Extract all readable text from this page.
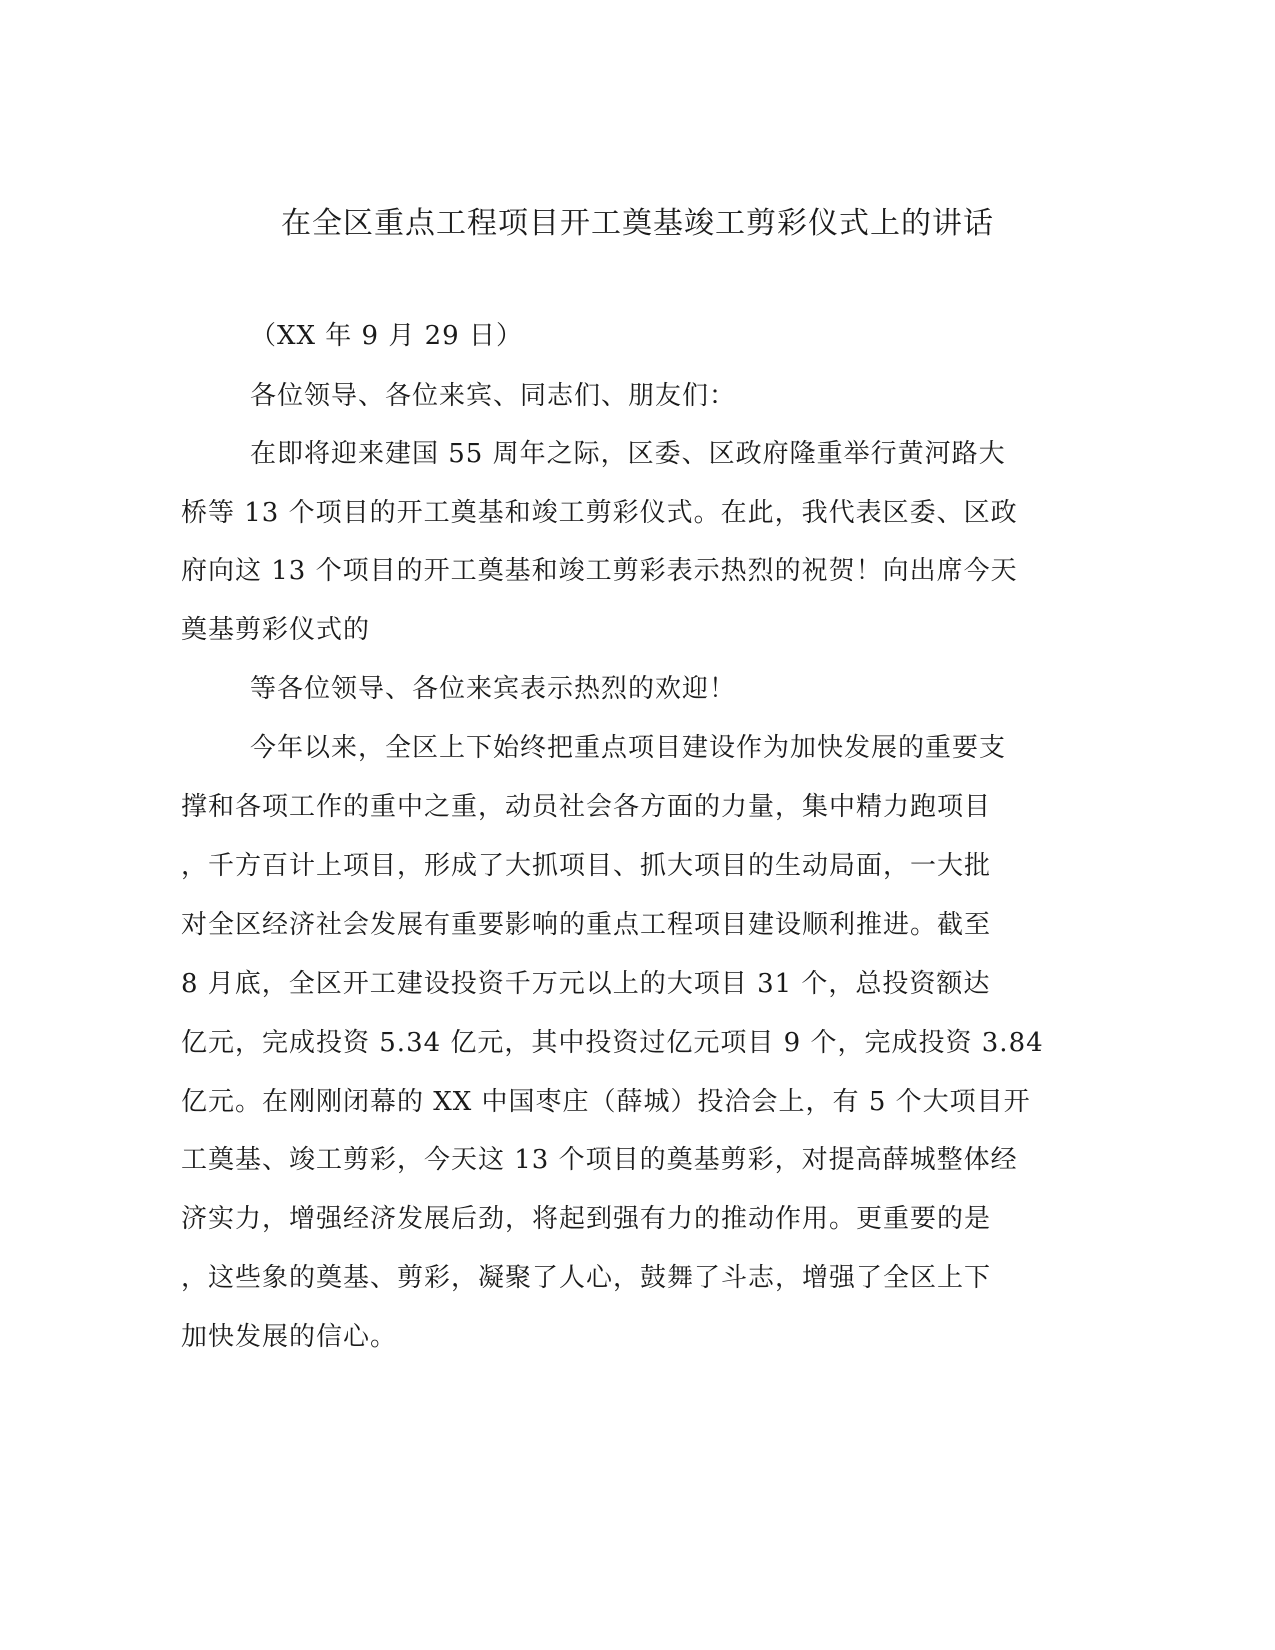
在全区重点工程项目开工奠基竣工剪彩仪式上的讲话
（XX 年 9 月 29 日）
各位领导、各位来宾、同志们、朋友们：
在即将迎来建国 55 周年之际，区委、区政府隆重举行黄河路大
桥等 13 个项目的开工奠基和竣工剪彩仪式。在此，我代表区委、区政
府向这 13 个项目的开工奠基和竣工剪彩表示热烈的祝贺！向出席今天
奠基剪彩仪式的
等各位领导、各位来宾表示热烈的欢迎！
今年以来，全区上下始终把重点项目建设作为加快发展的重要支
撑和各项工作的重中之重，动员社会各方面的力量，集中精力跑项目
，千方百计上项目，形成了大抓项目、抓大项目的生动局面，一大批
对全区经济社会发展有重要影响的重点工程项目建设顺利推进。截至
8 月底，全区开工建设投资千万元以上的大项目 31 个，总投资额达
亿元，完成投资 5.34 亿元，其中投资过亿元项目 9 个，完成投资 3.84
亿元。在刚刚闭幕的 XX 中国枣庄（薛城）投洽会上，有 5 个大项目开
工奠基、竣工剪彩，今天这 13 个项目的奠基剪彩，对提高薛城整体经
济实力，增强经济发展后劲，将起到强有力的推动作用。更重要的是
，这些象的奠基、剪彩，凝聚了人心，鼓舞了斗志，增强了全区上下
加快发展的信心。
